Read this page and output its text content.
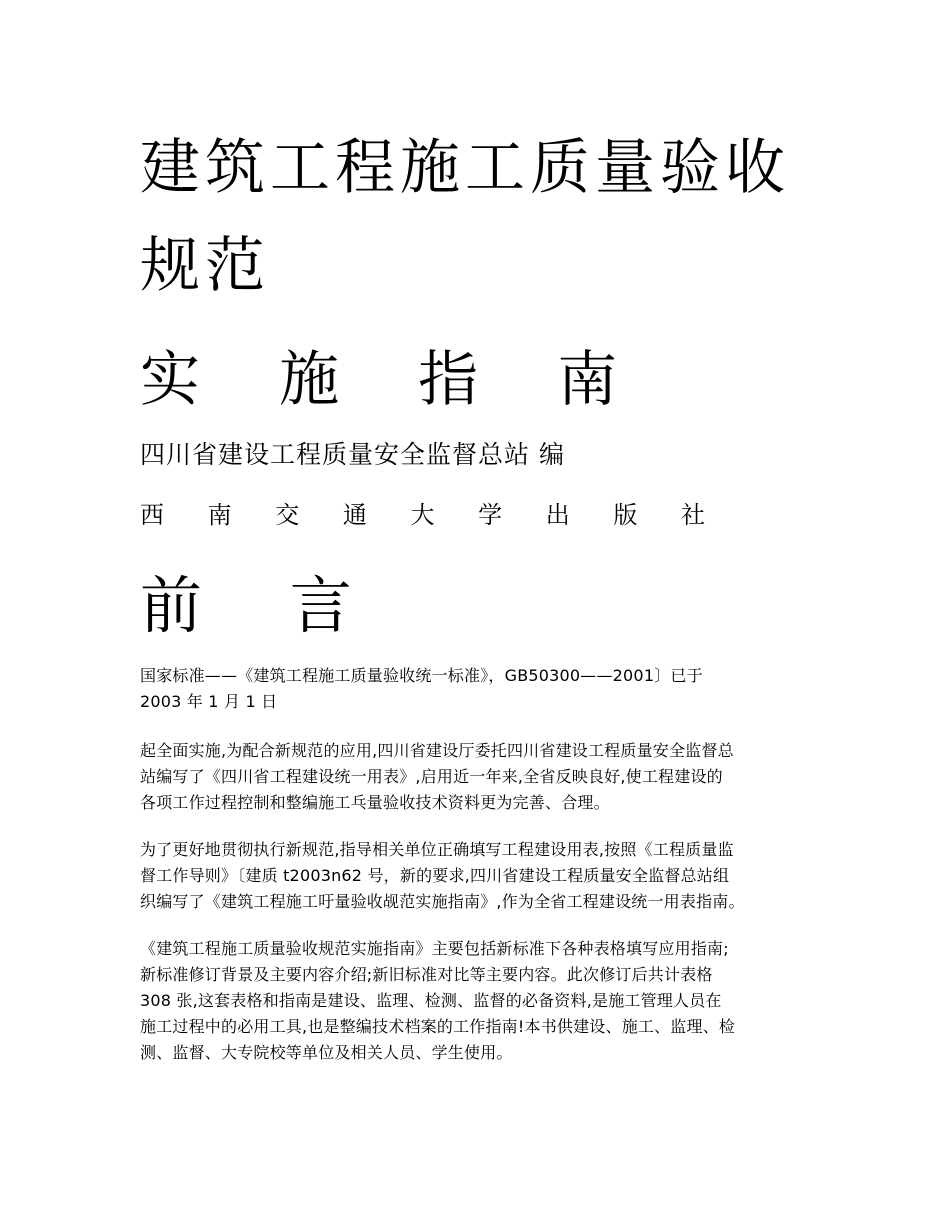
建筑工程施工质量验收
规范
实 施 指 南
四川省建设工程质量安全监督总站 编
西 南 交 通 大 学 出 版 社
前 言

国家标准——《建筑工程施工质量验收统一标准》，GB50300——2001〕已于
2003 年 1 月 1 日

起全面实施,为配合新规范的应用,四川省建设厅委托四川省建设工程质量安全监督总
站编写了《四川省工程建设统一用表》,启用近一年来,全省反映良好,使工程建设的
各项工作过程控制和整编施工乓量验收技术资料更为完善、合理。

为了更好地贯彻执行新规范,指导相关单位正确填写工程建设用表,按照《工程质量监
督工作导则》〔建质 t2003n62 号，新的要求,四川省建设工程质量安全监督总站组
织编写了《建筑工程施工吁量验收觇范实施指南》,作为全省工程建设统一用表指南。

《建筑工程施工质量验收规范实施指南》主要包括新标准下各种表格填写应用指南;
新标准修订背景及主要内容介绍;新旧标准对比等主要内容。此次修订后共计表格
308 张,这套表格和指南是建设、监理、检测、监督的必备资料,是施工管理人员在
施工过程中的必用工具,也是整编技术档案的工作指南!本书供建设、施工、监理、检
测、监督、大专院校等单位及相关人员、学生使用。
